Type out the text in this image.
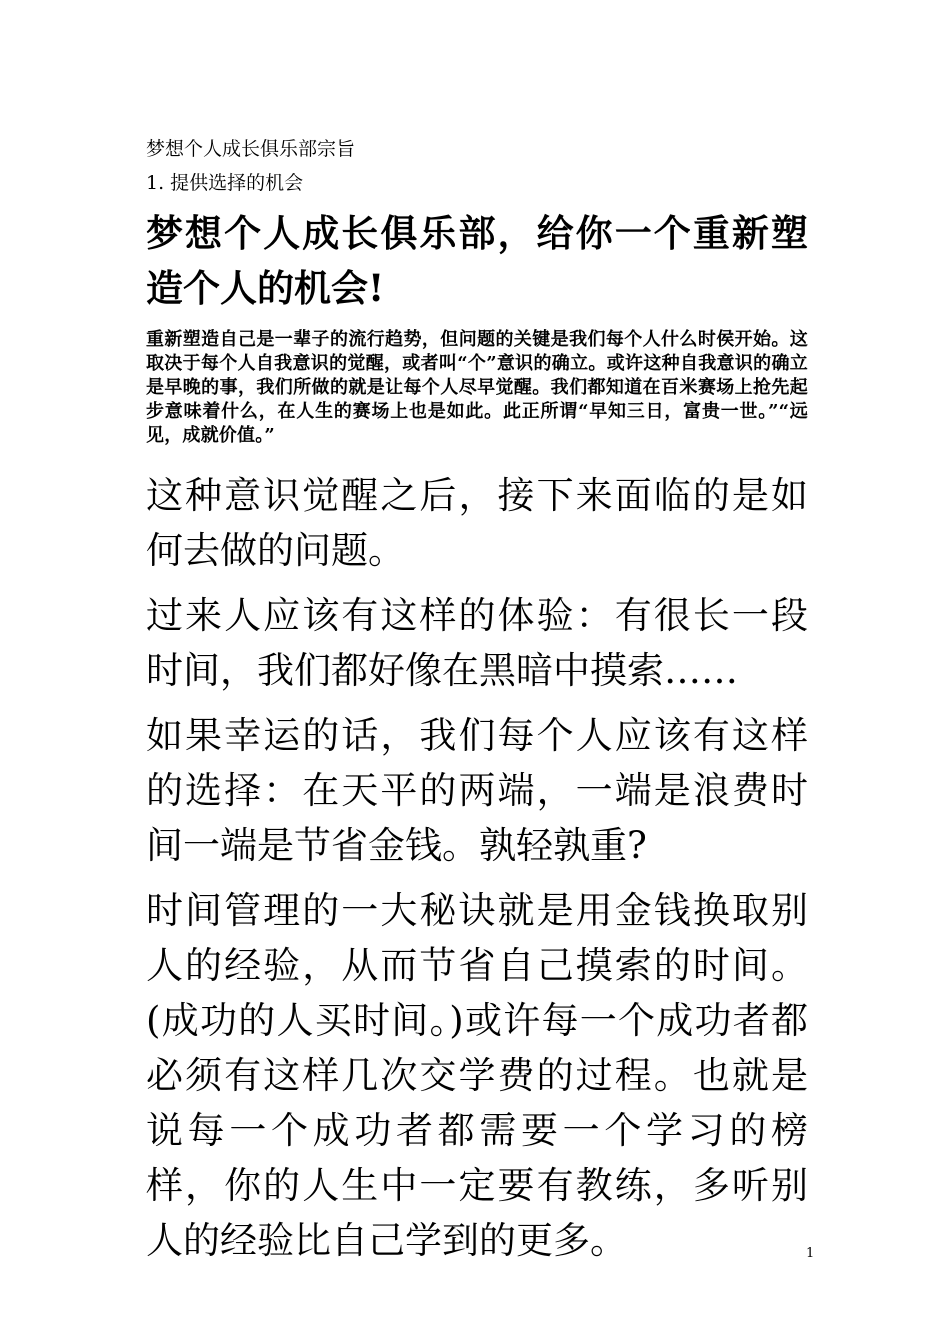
梦想个人成长俱乐部宗旨

1. 提供选择的机会

梦想个人成长俱乐部，给你一个重新塑造个人的机会!

重新塑造自己是一辈子的流行趋势，但问题的关键是我们每个人什么时侯开始。这取决于每个人自我意识的觉醒，或者叫“个”意识的确立。或许这种自我意识的确立是早晚的事，我们所做的就是让每个人尽早觉醒。我们都知道在百米赛场上抢先起步意味着什么，在人生的赛场上也是如此。此正所谓“早知三日，富贵一世。”“远见，成就价值。”

这种意识觉醒之后，接下来面临的是如何去做的问题。

过来人应该有这样的体验：有很长一段时间，我们都好像在黑暗中摸索……

如果幸运的话，我们每个人应该有这样的选择：在天平的两端，一端是浪费时间一端是节省金钱。孰轻孰重?

时间管理的一大秘诀就是用金钱换取别人的经验，从而节省自己摸索的时间。(成功的人买时间。)或许每一个成功者都必须有这样几次交学费的过程。也就是说每一个成功者都需要一个学习的榜样，你的人生中一定要有教练，多听别人的经验比自己学到的更多。	1
